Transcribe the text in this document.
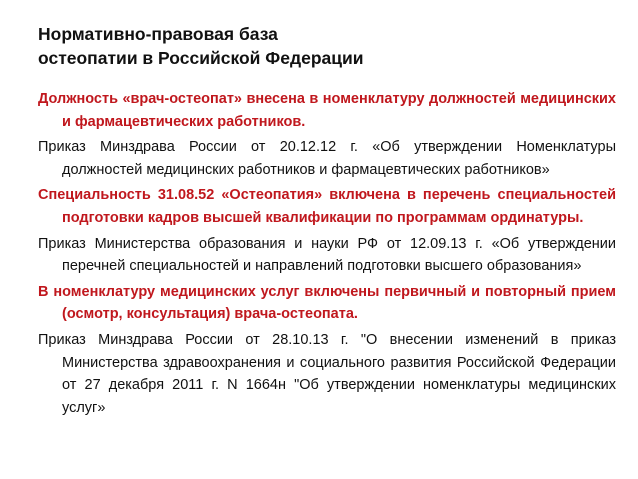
Нормативно-правовая база
остеопатии в Российской Федерации

Должность «врач-остеопат» внесена в номенклатуру должностей медицинских и фармацевтических работников.

Приказ Минздрава России от 20.12.12 г. «Об утверждении Номенклатуры должностей медицинских работников и фармацевтических работников»

Специальность 31.08.52 «Остеопатия» включена в перечень специальностей подготовки кадров высшей квалификации по программам ординатуры.

Приказ Министерства образования и науки РФ от 12.09.13 г. «Об утверждении перечней специальностей и направлений подготовки высшего образования»

В номенклатуру медицинских услуг включены первичный и повторный прием (осмотр, консультация) врача-остеопата.

Приказ Минздрава России от 28.10.13 г. "О внесении изменений в приказ Министерства здравоохранения и социального развития Российской Федерации от 27 декабря 2011 г. N 1664н "Об утверждении номенклатуры медицинских услуг»
